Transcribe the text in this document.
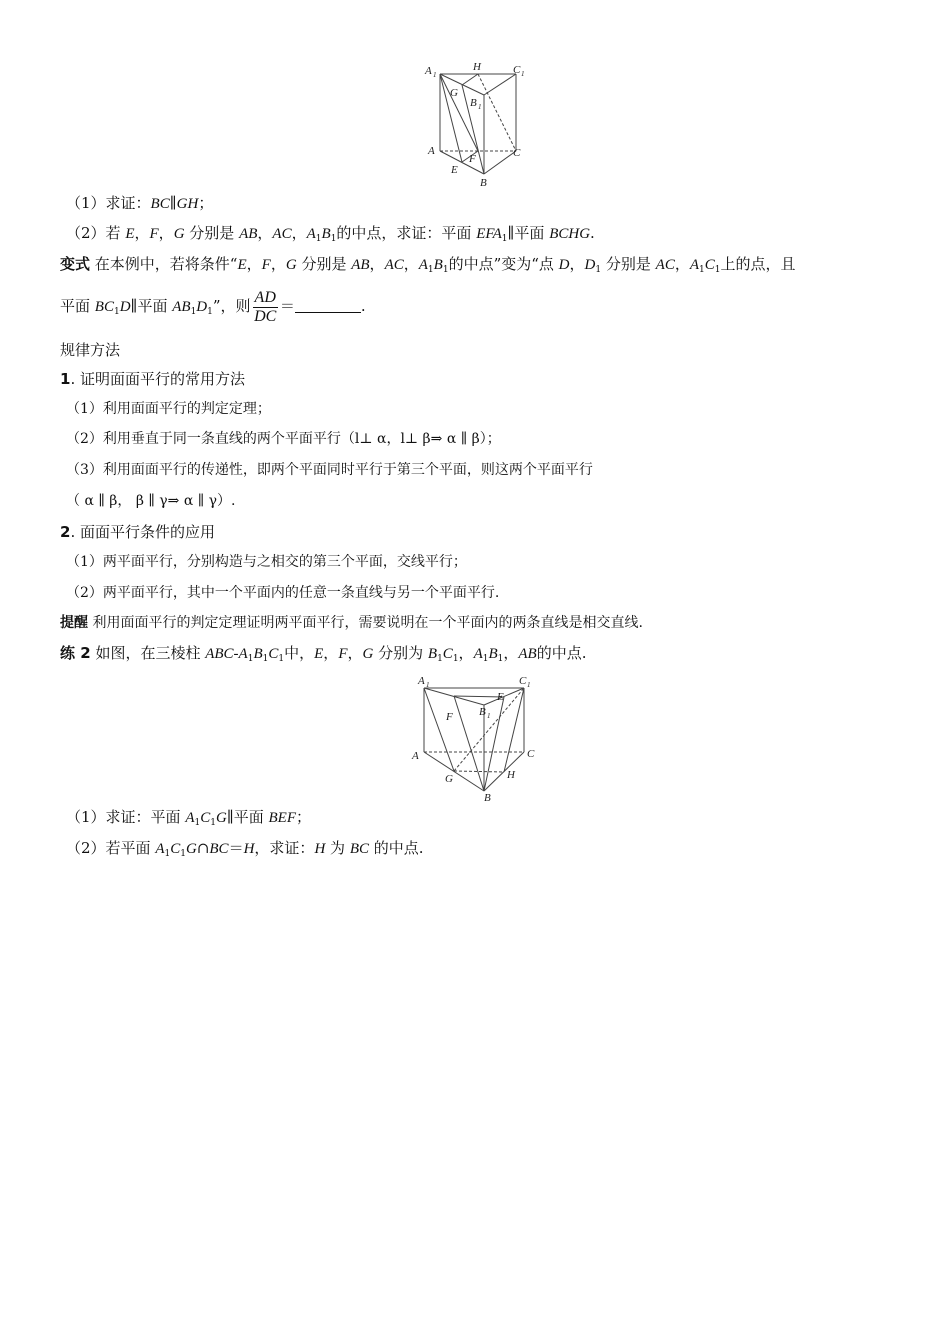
A 1
H	C 1
G
B 1
A
F	C
E
B
（1）求证：BC∥GH；
（2）若 E，F，G 分别是 AB，AC，$A_1B_1$的中点，求证：平面 $EFA_1\parallel$平面 BCHG.
变式 在本例中，若将条件“E，F，G 分别是 AB，AC，$A_1B_1$的中点”变为“点 D，$D_1$ 分别是 AC，$A_1C_1$上的点，且
平面 $BC_1D\parallel$平面 $AB_1D_1$”，则 $\frac{AD}{DC}$ ＝	.
规律方法
1. 证明面面平行的常用方法
（1）利用面面平行的判定定理；
（2）利用垂直于同一条直线的两个平面平行（l⊥ α，l⊥ β⇒ α ∥ β）；
（3）利用面面平行的传递性，即两个平面同时平行于第三个平面，则这两个平面平行
（ α ∥ β， β ∥ γ⇒ α ∥ γ）.
2. 面面平行条件的应用
（1）两平面平行，分别构造与之相交的第三个平面，交线平行；
（2）两平面平行，其中一个平面内的任意一条直线与另一个平面平行.
提醒 利用面面平行的判定定理证明两平面平行，需要说明在一个平面内的两条直线是相交直线.
练 2 如图，在三棱柱 ABC-$A_1B_1C_1$中，E，F，G 分别为 $B_1C_1$，$A_1B_1$，AB的中点.
A 1	C 1
E
F B 1
A	C
G	H
B
（1）求证：平面 $A_1C_1G\parallel$平面 BEF；
（2）若平面 $A_1C_1G\cap BC=H$，求证：H 为 BC 的中点.
